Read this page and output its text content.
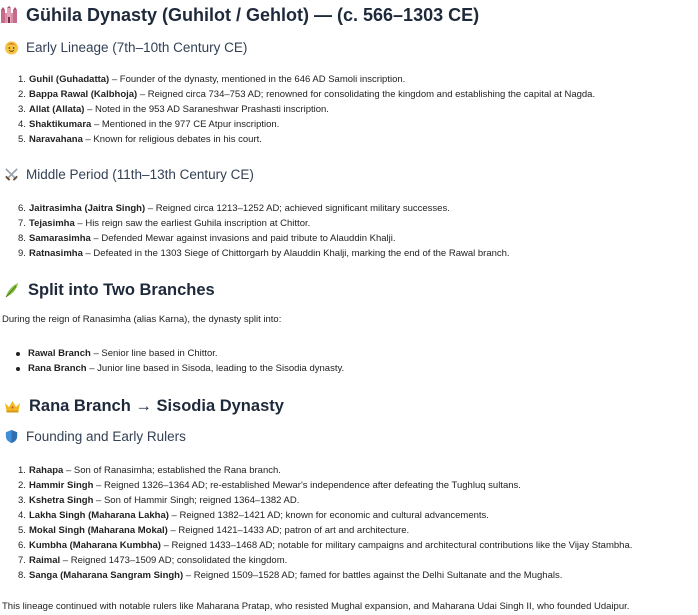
Gühila Dynasty (Guhilot / Gehlot) — (c. 566–1303 CE)
Early Lineage (7th–10th Century CE)
1. Guhil (Guhadatta) – Founder of the dynasty, mentioned in the 646 AD Samoli inscription.
2. Bappa Rawal (Kalbhoja) – Reigned circa 734–753 AD; renowned for consolidating the kingdom and establishing the capital at Nagda.
3. Allat (Allata) – Noted in the 953 AD Saraneshwar Prashasti inscription.
4. Shaktikumara – Mentioned in the 977 CE Atpur inscription.
5. Naravahana – Known for religious debates in his court.
Middle Period (11th–13th Century CE)
6. Jaitrasimha (Jaitra Singh) – Reigned circa 1213–1252 AD; achieved significant military successes.
7. Tejasimha – His reign saw the earliest Guhila inscription at Chittor.
8. Samarasimha – Defended Mewar against invasions and paid tribute to Alauddin Khalji.
9. Ratnasimha – Defeated in the 1303 Siege of Chittorgarh by Alauddin Khalji, marking the end of the Rawal branch.
Split into Two Branches
During the reign of Ranasimha (alias Karna), the dynasty split into:
Rawal Branch – Senior line based in Chittor.
Rana Branch – Junior line based in Sisoda, leading to the Sisodia dynasty.
Rana Branch → Sisodia Dynasty
Founding and Early Rulers
1. Rahapa – Son of Ranasimha; established the Rana branch.
2. Hammir Singh – Reigned 1326–1364 AD; re-established Mewar's independence after defeating the Tughluq sultans.
3. Kshetra Singh – Son of Hammir Singh; reigned 1364–1382 AD.
4. Lakha Singh (Maharana Lakha) – Reigned 1382–1421 AD; known for economic and cultural advancements.
5. Mokal Singh (Maharana Mokal) – Reigned 1421–1433 AD; patron of art and architecture.
6. Kumbha (Maharana Kumbha) – Reigned 1433–1468 AD; notable for military campaigns and architectural contributions like the Vijay Stambha.
7. Raimal – Reigned 1473–1509 AD; consolidated the kingdom.
8. Sanga (Maharana Sangram Singh) – Reigned 1509–1528 AD; famed for battles against the Delhi Sultanate and the Mughals.
This lineage continued with notable rulers like Maharana Pratap, who resisted Mughal expansion, and Maharana Udai Singh II, who founded Udaipur.
